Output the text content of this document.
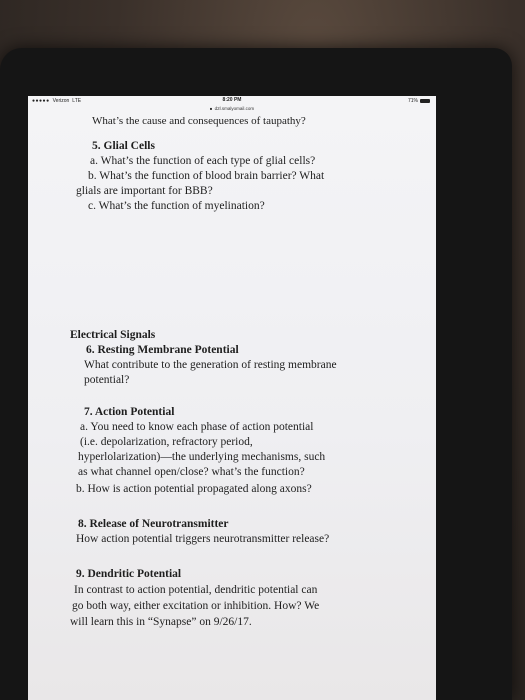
●●●●● Verizon LTE	8:20 PM	71%
■ d2l.smalyomail.com
What’s the cause and consequences of taupathy?
5. Glial Cells
a. What’s the function of each type of glial cells?
b. What’s the function of blood brain barrier? What
glials are important for BBB?
c. What’s the function of myelination?
Electrical Signals
6. Resting Membrane Potential
What contribute to the generation of resting membrane
potential?
7. Action Potential
a. You need to know each phase of action potential
(i.e. depolarization, refractory period,
hyperlolarization)—the underlying mechanisms, such
as what channel open/close? what’s the function?
b. How is action potential propagated along axons?
8. Release of Neurotransmitter
How action potential triggers neurotransmitter release?
9. Dendritic Potential
In contrast to action potential, dendritic potential can
go both way, either excitation or inhibition. How? We
will learn this in “Synapse” on 9/26/17.
